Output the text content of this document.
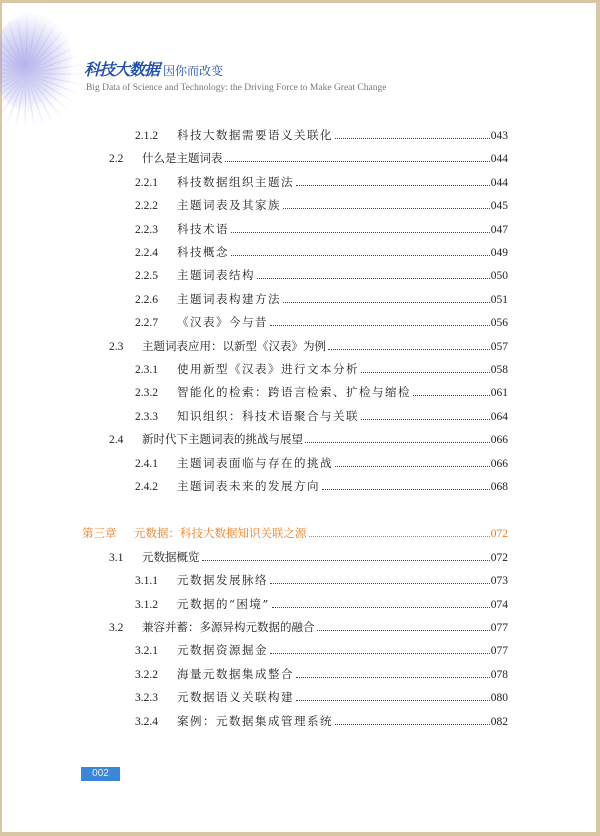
科技大数据 因你而改变
Big Data of Science and Technology: the Driving Force to Make Great Change
2.1.2	科技大数据需要语义关联化	043
2.2	什么是主题词表	044
2.2.1	科技数据组织主题法	044
2.2.2	主题词表及其家族	045
2.2.3	科技术语	047
2.2.4	科技概念	049
2.2.5	主题词表结构	050
2.2.6	主题词表构建方法	051
2.2.7	《汉表》今与昔	056
2.3	主题词表应用：以新型《汉表》为例	057
2.3.1	使用新型《汉表》进行文本分析	058
2.3.2	智能化的检索：跨语言检索、扩检与缩检	061
2.3.3	知识组织：科技术语聚合与关联	064
2.4	新时代下主题词表的挑战与展望	066
2.4.1	主题词表面临与存在的挑战	066
2.4.2	主题词表未来的发展方向	068
第三章	元数据：科技大数据知识关联之源	072
3.1	元数据概览	072
3.1.1	元数据发展脉络	073
3.1.2	元数据的“困境”	074
3.2	兼容并蓄：多源异构元数据的融合	077
3.2.1	元数据资源掘金	077
3.2.2	海量元数据集成整合	078
3.2.3	元数据语义关联构建	080
3.2.4	案例：元数据集成管理系统	082
002
